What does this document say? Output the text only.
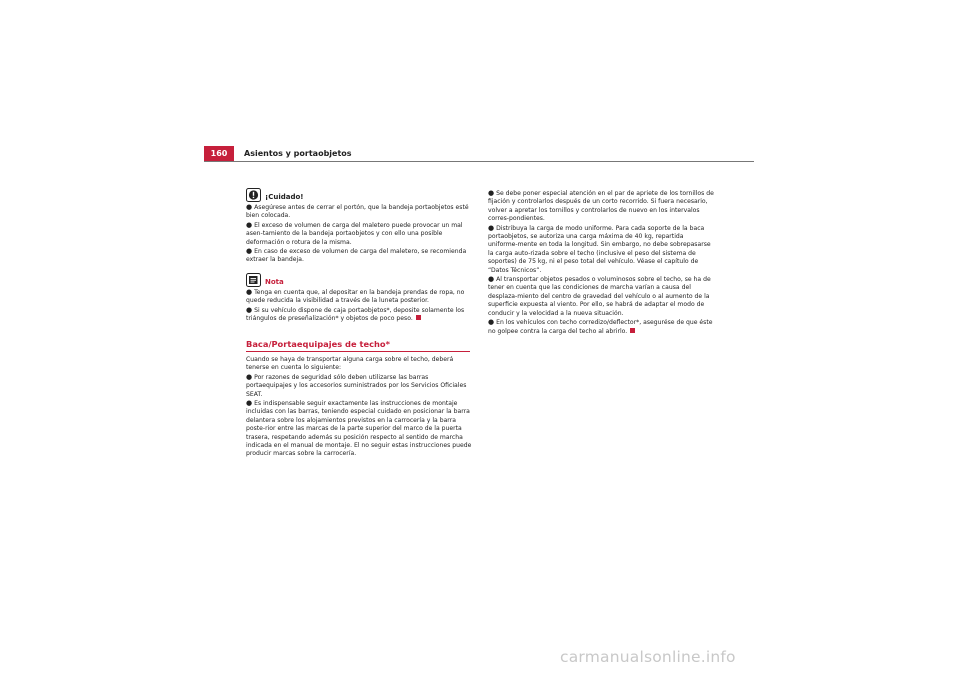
160	Asientos y portaobjetos
¡Cuidado!

● Asegúrese antes de cerrar el portón, que la bandeja portaobjetos esté bien colocada.

● El exceso de volumen de carga del maletero puede provocar un mal asen-tamiento de la bandeja portaobjetos y con ello una posible deformación o rotura de la misma.

● En caso de exceso de volumen de carga del maletero, se recomienda extraer la bandeja.

Nota

● Tenga en cuenta que, al depositar en la bandeja prendas de ropa, no quede reducida la visibilidad a través de la luneta posterior.

● Si su vehículo dispone de caja portaobjetos*, deposite solamente los triángulos de preseñalización* y objetos de poco peso.

Baca/Portaequipajes de techo*

Cuando se haya de transportar alguna carga sobre el techo, deberá tenerse en cuenta lo siguiente:

● Por razones de seguridad sólo deben utilizarse las barras portaequipajes y los accesorios suministrados por los Servicios Oficiales SEAT.

● Es indispensable seguir exactamente las instrucciones de montaje incluidas con las barras, teniendo especial cuidado en posicionar la barra delantera sobre los alojamientos previstos en la carrocería y la barra poste-rior entre las marcas de la parte superior del marco de la puerta trasera, respetando además su posición respecto al sentido de marcha indicada en el manual de montaje. El no seguir estas instrucciones puede producir marcas sobre la carrocería.

● Se debe poner especial atención en el par de apriete de los tornillos de fijación y controlarlos después de un corto recorrido. Si fuera necesario, volver a apretar los tornillos y controlarlos de nuevo en los intervalos corres-pondientes.

● Distribuya la carga de modo uniforme. Para cada soporte de la baca portaobjetos, se autoriza una carga máxima de 40 kg, repartida uniforme-mente en toda la longitud. Sin embargo, no debe sobrepasarse la carga auto-rizada sobre el techo (inclusive el peso del sistema de soportes) de 75 kg, ni el peso total del vehículo. Véase el capítulo de “Datos Técnicos”.

● Al transportar objetos pesados o voluminosos sobre el techo, se ha de tener en cuenta que las condiciones de marcha varían a causa del desplaza-miento del centro de gravedad del vehículo o al aumento de la superficie expuesta al viento. Por ello, se habrá de adaptar el modo de conducir y la velocidad a la nueva situación.

● En los vehículos con techo corredizo/deflector*, asegurése de que éste no golpee contra la carga del techo al abrirlo.

carmanualsonline.info
